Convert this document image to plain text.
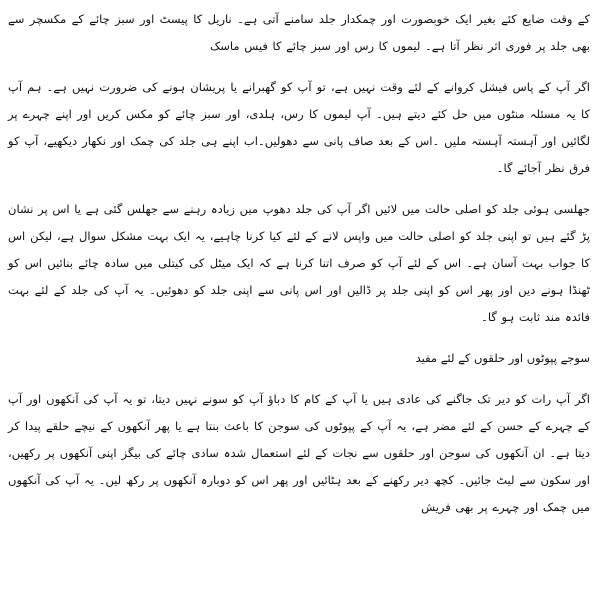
کے وقت ضایع کئے بغیر ایک خوبصورت اور چمکدار جلد سامنے آتی ہے۔ ناریل کا پیسٹ اور سبز چائے کے مکسچر سے بھی جلد پر فوری اثر نظر آتا ہے۔ لیموں کا رس اور سبز چائے کا فیس ماسک

اگر آپ کے پاس فیشل کروانے کے لئے وقت نہیں ہے، تو آپ کو گھبرانے یا پریشان ہونے کی ضرورت نہیں ہے۔ ہم آپ کا یہ مسئلہ منٹوں میں حل کئے دیتے ہیں۔ آپ لیموں کا رس، ہلدی، اور سبز چائے کو مکس کریں اور اپنے چہرے پر لگائیں اور آہستہ آہستہ ملیں ۔اس کے بعد صاف پانی سے دھولیں۔اب اپنے ہی جلد کی چمک اور نکھار دیکھیے، آپ کو فرق نظر آجائے گا۔

جھلسی ہوئی جلد کو اصلی حالت میں لائیں اگر آپ کی جلد دھوپ میں زیادہ رہنے سے جھلس گئی ہے یا اس پر نشان پڑ گئے ہیں تو اپنی جلد کو اصلی حالت میں واپس لانے کے لئے کیا کرنا چاہیے، یہ ایک بہت مشکل سوال ہے، لیکن اس کا جواب بہت آسان ہے۔ اس کے لئے آپ کو صرف اتنا کرنا ہے کہ ایک میٹل کی کیتلی میں سادہ چائے بنائیں اس کو ٹھنڈا ہونے دیں اور پھر اس کو اپنی جلد پر ڈالیں اور اس پانی سے اپنی جلد کو دھوئیں۔ یہ آپ کی جلد کے لئے بہت فائدہ مند ثابت ہو گا۔

سوجے پپوٹوں اور حلقوں کے لئے مفید

اگر آپ رات کو دیر تک جاگنے کی عادی ہیں یا آپ کے کام کا دباؤ آپ کو سونے نہیں دیتا، تو یہ آپ کی آنکھوں اور آپ کے چہرے کے حسن کے لئے مضر ہے، یہ آپ کے پپوٹوں کی سوجن کا باعث بنتا ہے یا پھر آنکھوں کے نیچے حلقے پیدا کر دیتا ہے۔ ان آنکھوں کی سوجن اور حلقوں سے نجات کے لئے استعمال شدہ سادی چائے کی بیگز اپنی آنکھوں پر رکھیں، اور سکون سے لیٹ جائیں۔ کچھ دیر رکھنے کے بعد ہٹائیں اور پھر اس کو دوبارہ آنکھوں پر رکھ لیں۔ یہ آپ کی آنکھوں میں چمک اور چہرے پر بھی فریش
